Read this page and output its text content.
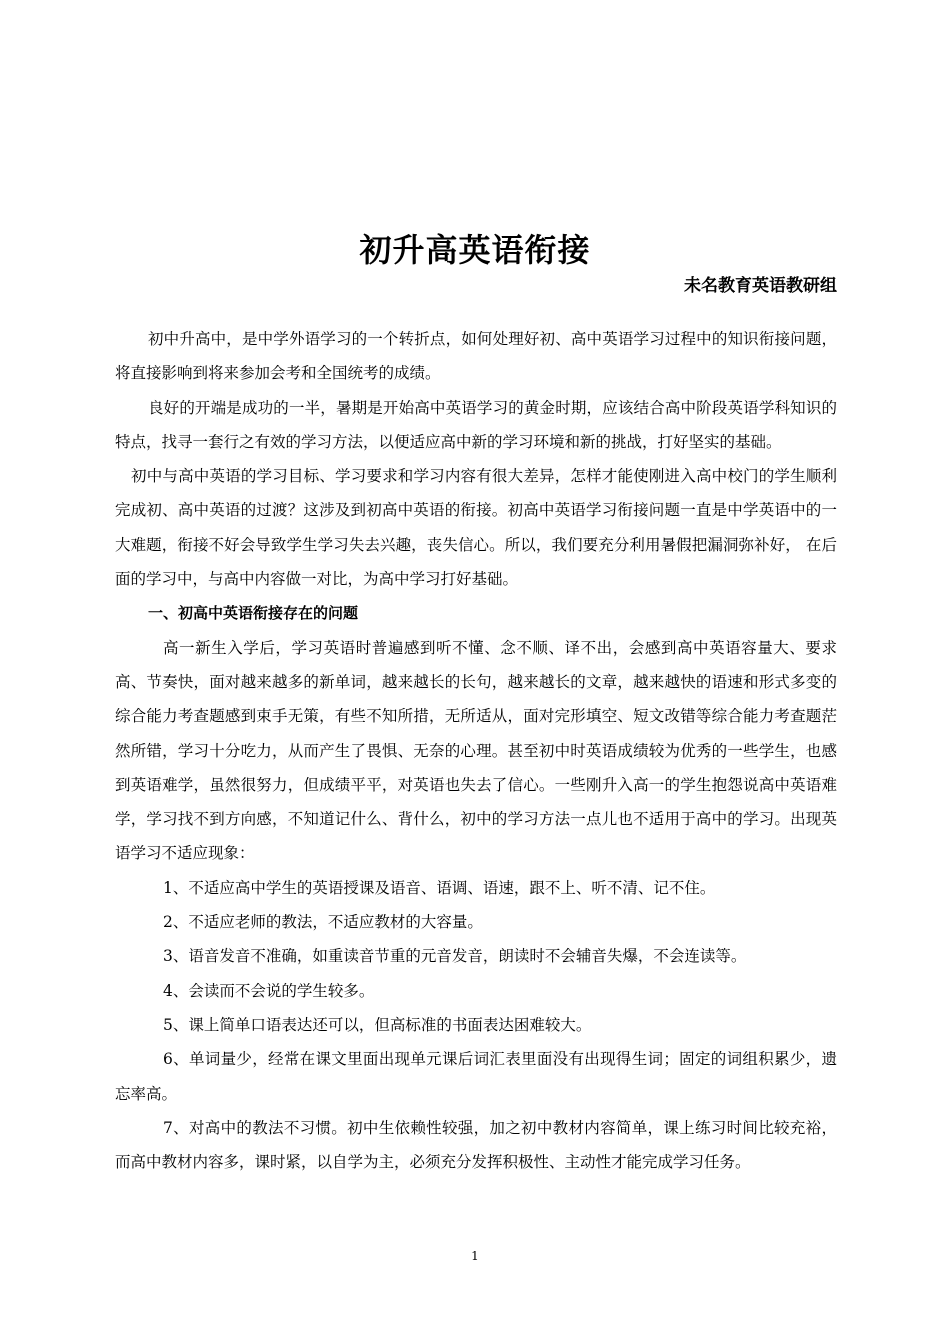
初升高英语衔接
未名教育英语教研组

初中升高中，是中学外语学习的一个转折点，如何处理好初、高中英语学习过程中的知识衔接问题，将直接影响到将来参加会考和全国统考的成绩。

良好的开端是成功的一半，暑期是开始高中英语学习的黄金时期，应该结合高中阶段英语学科知识的特点，找寻一套行之有效的学习方法，以便适应高中新的学习环境和新的挑战，打好坚实的基础。

初中与高中英语的学习目标、学习要求和学习内容有很大差异，怎样才能使刚进入高中校门的学生顺利完成初、高中英语的过渡？这涉及到初高中英语的衔接。初高中英语学习衔接问题一直是中学英语中的一大难题，衔接不好会导致学生学习失去兴趣，丧失信心。所以，我们要充分利用暑假把漏洞弥补好， 在后面的学习中，与高中内容做一对比，为高中学习打好基础。

一、初高中英语衔接存在的问题

高一新生入学后，学习英语时普遍感到听不懂、念不顺、译不出，会感到高中英语容量大、要求高、节奏快，面对越来越多的新单词，越来越长的长句，越来越长的文章，越来越快的语速和形式多变的综合能力考查题感到束手无策，有些不知所措，无所适从，面对完形填空、短文改错等综合能力考查题茫然所错，学习十分吃力，从而产生了畏惧、无奈的心理。甚至初中时英语成绩较为优秀的一些学生，也感到英语难学，虽然很努力，但成绩平平，对英语也失去了信心。一些刚升入高一的学生抱怨说高中英语难学，学习找不到方向感，不知道记什么、背什么，初中的学习方法一点儿也不适用于高中的学习。出现英语学习不适应现象：

1、不适应高中学生的英语授课及语音、语调、语速，跟不上、听不清、记不住。

2、不适应老师的教法，不适应教材的大容量。

3、语音发音不准确，如重读音节重的元音发音，朗读时不会辅音失爆，不会连读等。

4、会读而不会说的学生较多。

5、课上简单口语表达还可以，但高标准的书面表达困难较大。

6、单词量少，经常在课文里面出现单元课后词汇表里面没有出现得生词；固定的词组积累少，遗忘率高。

7、对高中的教法不习惯。初中生依赖性较强，加之初中教材内容简单，课上练习时间比较充裕，而高中教材内容多，课时紧，以自学为主，必须充分发挥积极性、主动性才能完成学习任务。

1
